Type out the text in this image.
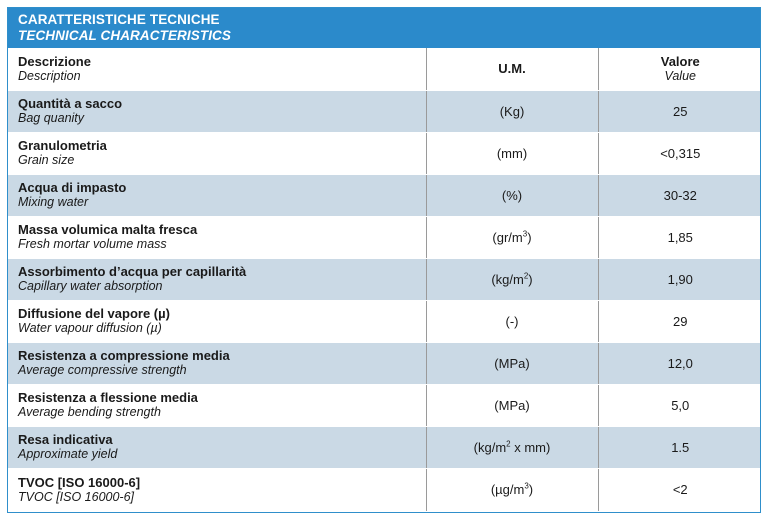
CARATTERISTICHE TECNICHE
TECHNICAL CHARACTERISTICS
Descrizione
Description	U.M.	Valore
Value

Quantità a sacco
Bag quanity	(Kg)	25

Granulometria
Grain size	(mm)	<0,315

Acqua di impasto
Mixing water	(%)	30-32

Massa volumica malta fresca
Fresh mortar volume mass	$(gr/m^3)$	1,85

Assorbimento d’acqua per capillarità
Capillary water absorption	$(kg/m^2)$	1,90

Diffusione del vapore (µ)
Water vapour diffusion (µ)	(-)	29

Resistenza a compressione media
Average compressive strength	(MPa)	12,0

Resistenza a flessione media
Average bending strength	(MPa)	5,0

Resa indicativa
Approximate yield	($kg/m^2$ x mm)	1.5

TVOC [ISO 16000-6]
TVOC [ISO 16000-6]	$(\mu g/m^3)$	<2
